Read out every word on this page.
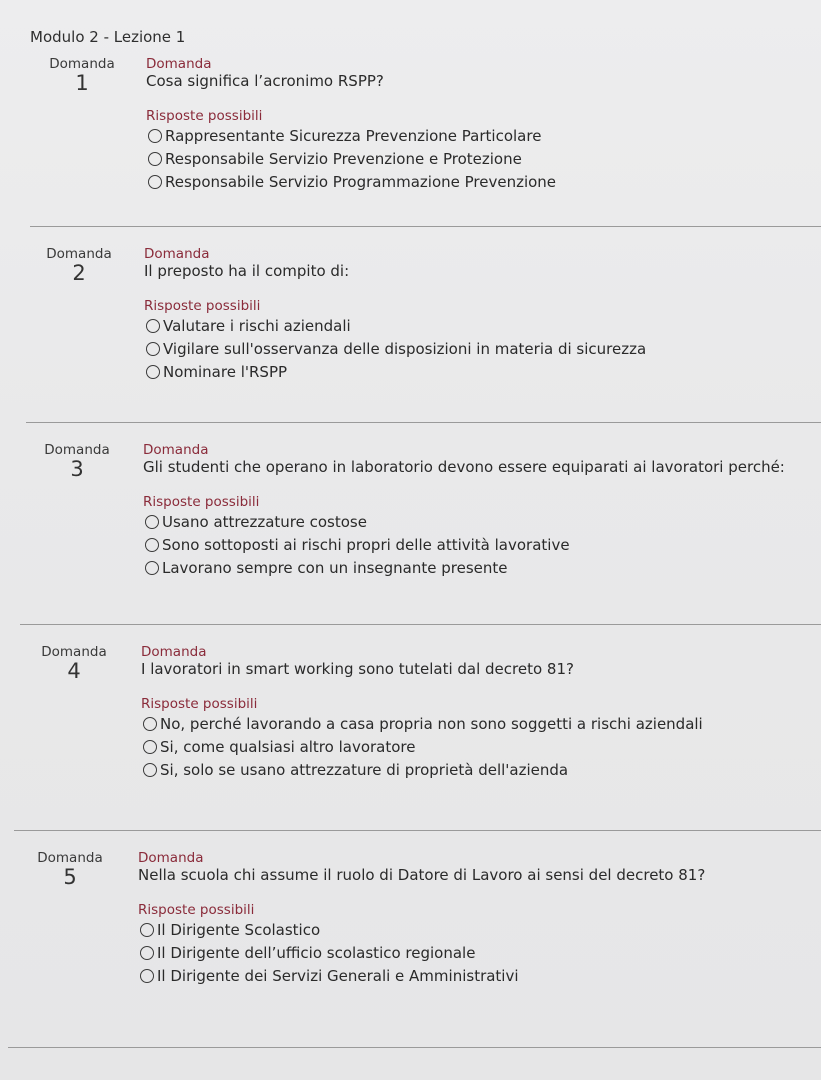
Modulo 2 - Lezione 1
Domanda
1
Domanda
Cosa significa l’acronimo RSPP?
Risposte possibili
Rappresentante Sicurezza Prevenzione Particolare
Responsabile Servizio Prevenzione e Protezione
Responsabile Servizio Programmazione Prevenzione
Domanda
2
Domanda
Il preposto ha il compito di:
Risposte possibili
Valutare i rischi aziendali
Vigilare sull'osservanza delle disposizioni in materia di sicurezza
Nominare l'RSPP
Domanda
3
Domanda
Gli studenti che operano in laboratorio devono essere equiparati ai lavoratori perché:
Risposte possibili
Usano attrezzature costose
Sono sottoposti ai rischi propri delle attività lavorative
Lavorano sempre con un insegnante presente
Domanda
4
Domanda
I lavoratori in smart working sono tutelati dal decreto 81?
Risposte possibili
No, perché lavorando a casa propria non sono soggetti a rischi aziendali
Si, come qualsiasi altro lavoratore
Si, solo se usano attrezzature di proprietà dell'azienda
Domanda
5
Domanda
Nella scuola chi assume il ruolo di Datore di Lavoro ai sensi del decreto 81?
Risposte possibili
Il Dirigente Scolastico
Il Dirigente dell’ufficio scolastico regionale
Il Dirigente dei Servizi Generali e Amministrativi
